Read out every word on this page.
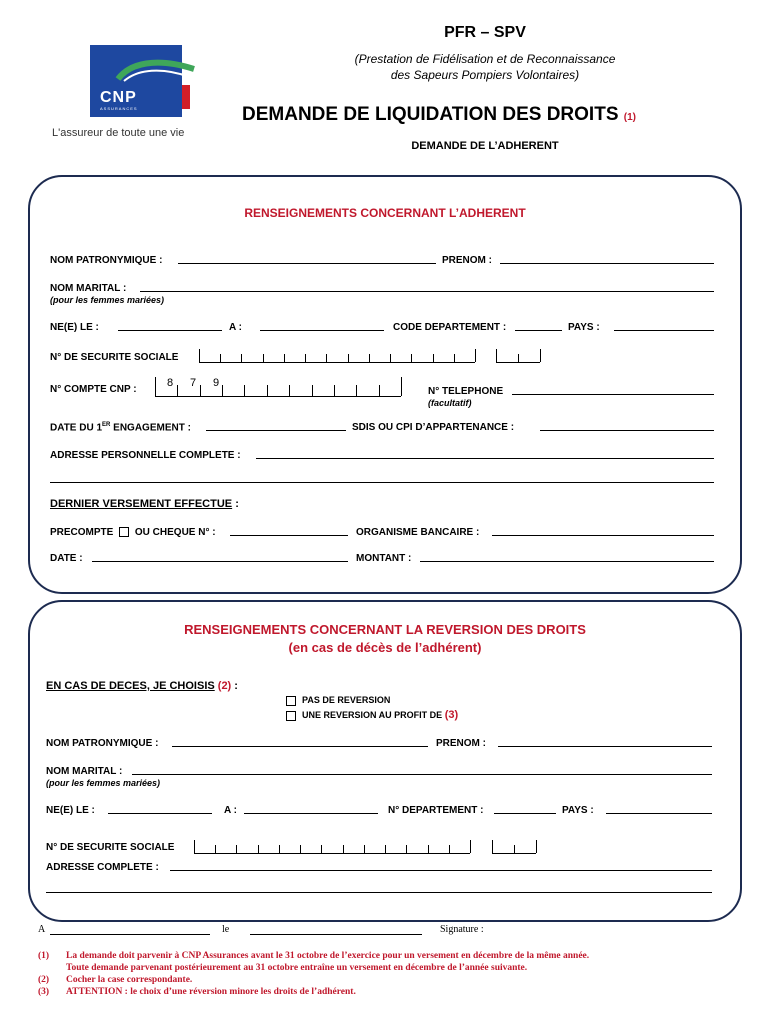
CNP
ASSURANCES
L'assureur de toute une vie
PFR – SPV
(Prestation de Fidélisation et de Reconnaissance
des Sapeurs Pompiers Volontaires)
DEMANDE DE LIQUIDATION DES DROITS (1)
DEMANDE DE L’ADHERENT
RENSEIGNEMENTS CONCERNANT L’ADHERENT
NOM PATRONYMIQUE :	PRENOM :
NOM MARITAL :
(pour les femmes mariées)
NE(E) LE :	A :	CODE DEPARTEMENT :	PAYS :
N° DE SECURITE SOCIALE
N° COMPTE CNP :
8 7 9
N° TELEPHONE
(facultatif)
DATE DU 1ER ENGAGEMENT :	SDIS OU CPI D’APPARTENANCE :
ADRESSE PERSONNELLE COMPLETE :
DERNIER VERSEMENT EFFECTUE :
PRECOMPTE OU CHEQUE N° :	ORGANISME BANCAIRE :
DATE :	MONTANT :
RENSEIGNEMENTS CONCERNANT LA REVERSION DES DROITS
(en cas de décès de l’adhérent)
EN CAS DE DECES, JE CHOISIS (2) :
PAS DE REVERSION
UNE REVERSION AU PROFIT DE (3)
NOM PATRONYMIQUE :	PRENOM :
NOM MARITAL :
(pour les femmes mariées)
NE(E) LE :	A :	N° DEPARTEMENT :	PAYS :
N° DE SECURITE SOCIALE
ADRESSE COMPLETE :
A	le	Signature :
(1) La demande doit parvenir à CNP Assurances avant le 31 octobre de l’exercice pour un versement en décembre de la même année.
Toute demande parvenant postérieurement au 31 octobre entraîne un versement en décembre de l’année suivante.
(2) Cocher la case correspondante.
(3) ATTENTION : le choix d’une réversion minore les droits de l’adhérent.
